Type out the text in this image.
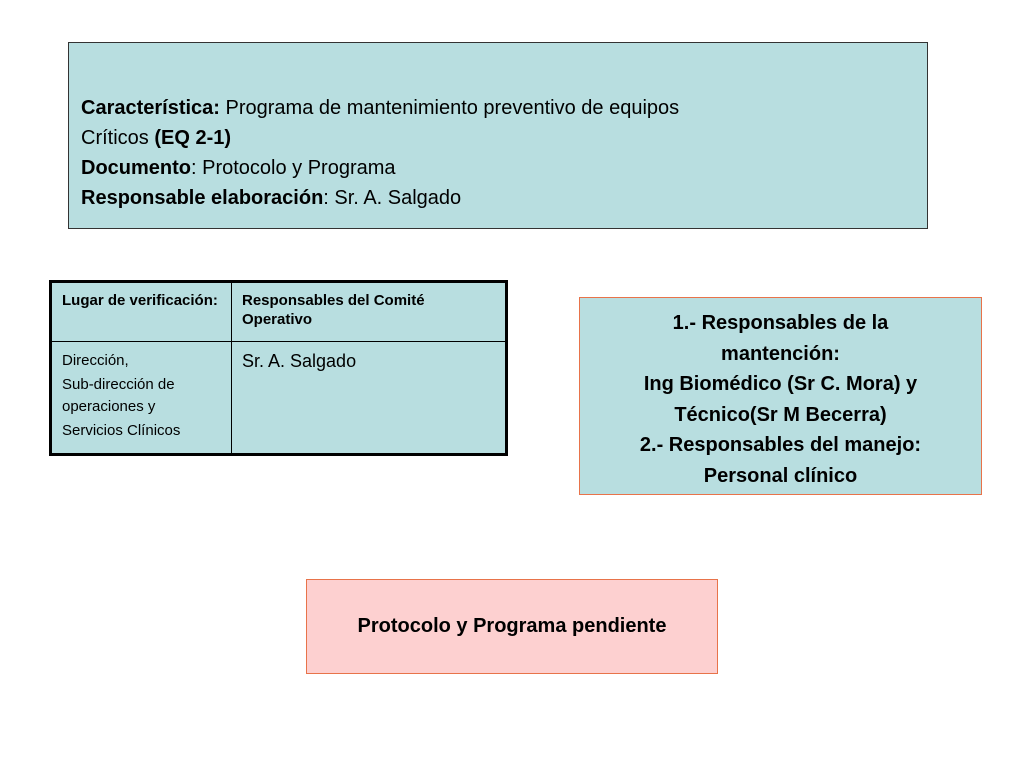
Característica: Programa de mantenimiento preventivo de equipos
Críticos (EQ 2-1)
Documento: Protocolo y Programa
Responsable elaboración: Sr. A. Salgado
Lugar de verificación:	Responsables del Comité Operativo

Dirección,
Sub-dirección de operaciones y
Servicios Clínicos	Sr. A. Salgado
1.- Responsables de la
mantención:
Ing Biomédico (Sr C. Mora) y
Técnico(Sr M Becerra)
2.- Responsables del manejo:
Personal clínico
Protocolo y Programa pendiente
